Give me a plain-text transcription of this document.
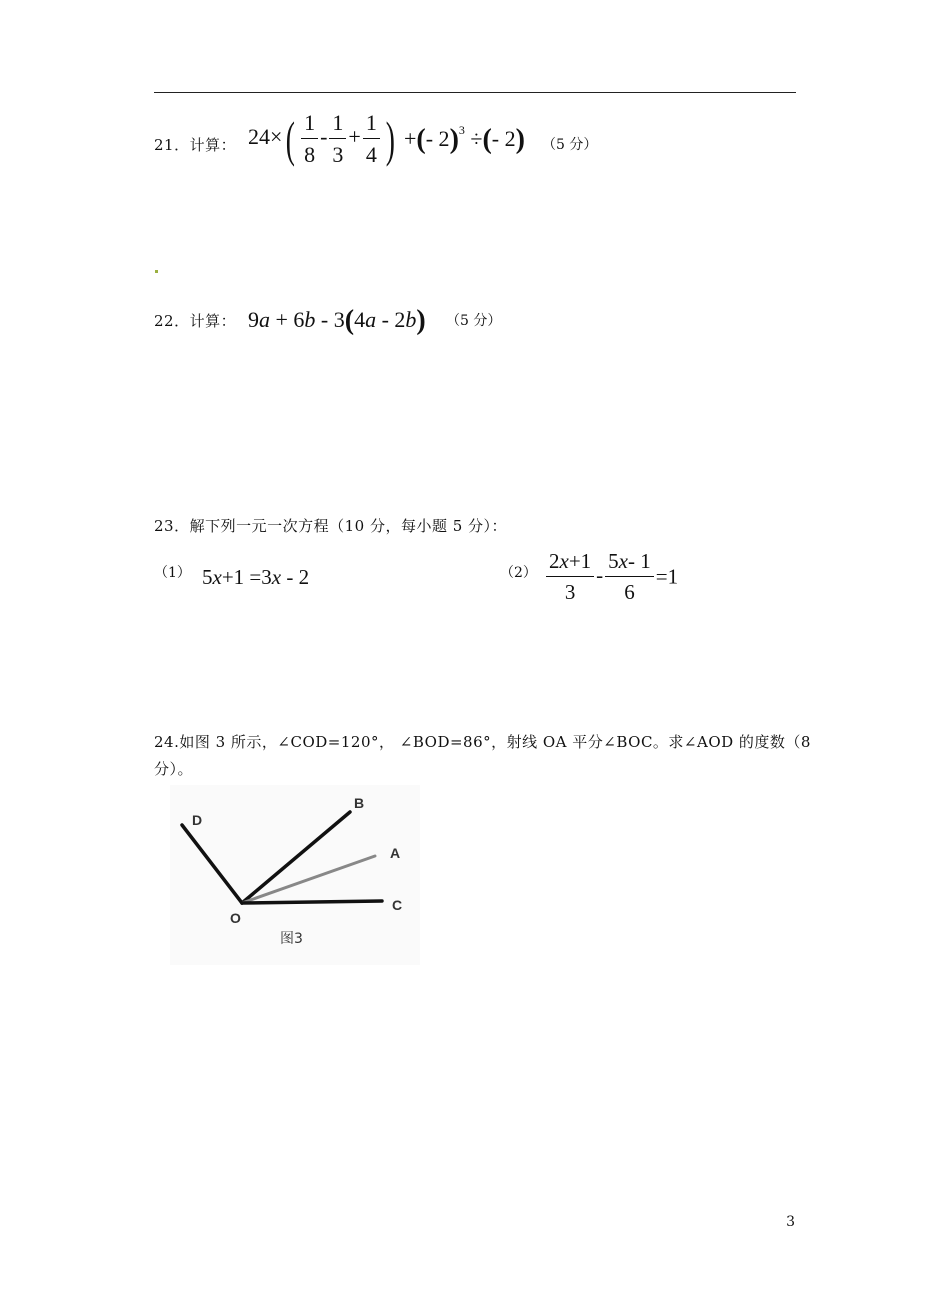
21．计算： $24\times( \frac{1}{8} - \frac{1}{3} + \frac{1}{4}$ ) +(- 2)$^3$ ÷(- 2) （5 分）
22．计算： 9a + 6b - 3(4a - 2b) （5 分）
23．解下列一元一次方程（10 分，每小题 5 分）：
（1） 5x+1 =3x - 2	$(2) \frac{2x+1}{3} - \frac{5x- 1}{6} =1$
24.如图 3 所示，∠COD=120°， ∠BOD=86°，射线 OA 平分∠BOC。求∠AOD 的度数（8
分）。
D
B
A
C
O
图3
3
